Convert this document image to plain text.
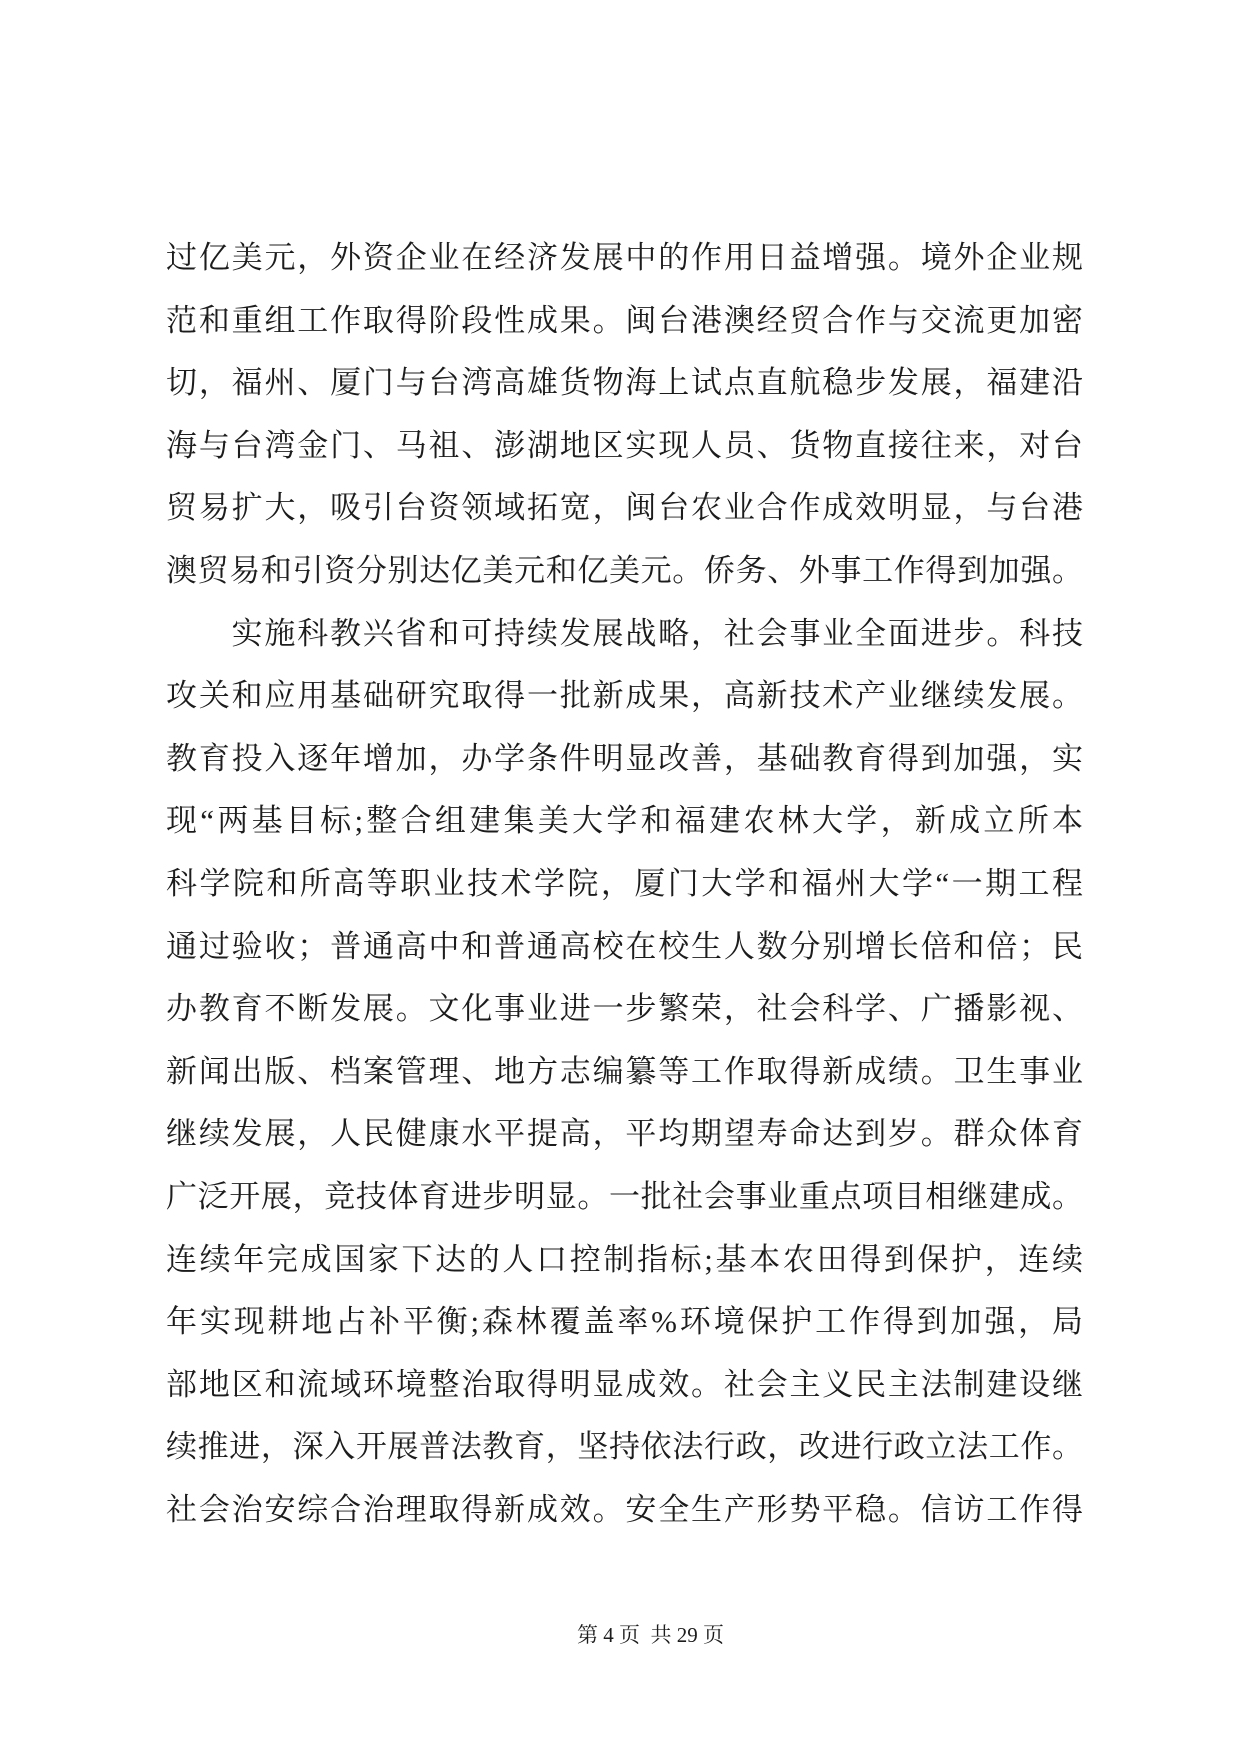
过亿美元，外资企业在经济发展中的作用日益增强。境外企业规
范和重组工作取得阶段性成果。闽台港澳经贸合作与交流更加密
切，福州、厦门与台湾高雄货物海上试点直航稳步发展，福建沿
海与台湾金门、马祖、澎湖地区实现人员、货物直接往来，对台
贸易扩大，吸引台资领域拓宽，闽台农业合作成效明显，与台港
澳贸易和引资分别达亿美元和亿美元。侨务、外事工作得到加强。
实施科教兴省和可持续发展战略，社会事业全面进步。科技
攻关和应用基础研究取得一批新成果，高新技术产业继续发展。
教育投入逐年增加，办学条件明显改善，基础教育得到加强，实
现“两基目标;整合组建集美大学和福建农林大学，新成立所本
科学院和所高等职业技术学院，厦门大学和福州大学“一期工程
通过验收；普通高中和普通高校在校生人数分别增长倍和倍；民
办教育不断发展。文化事业进一步繁荣，社会科学、广播影视、
新闻出版、档案管理、地方志编纂等工作取得新成绩。卫生事业
继续发展，人民健康水平提高，平均期望寿命达到岁。群众体育
广泛开展，竞技体育进步明显。一批社会事业重点项目相继建成。
连续年完成国家下达的人口控制指标;基本农田得到保护，连续
年实现耕地占补平衡;森林覆盖率%环境保护工作得到加强，局
部地区和流域环境整治取得明显成效。社会主义民主法制建设继
续推进，深入开展普法教育，坚持依法行政，改进行政立法工作。
社会治安综合治理取得新成效。安全生产形势平稳。信访工作得
第 4 页  共 29 页
